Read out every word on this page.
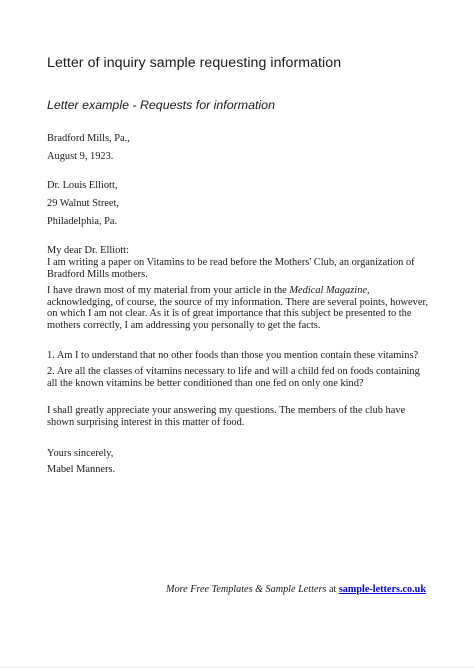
Letter of inquiry sample requesting information
Letter example - Requests for information
Bradford Mills, Pa.,
August 9, 1923.
Dr. Louis Elliott,
29 Walnut Street,
Philadelphia, Pa.
My dear Dr. Elliott:
I am writing a paper on Vitamins to be read before the Mothers' Club, an organization of Bradford Mills mothers.
I have drawn most of my material from your article in the Medical Magazine, acknowledging, of course, the source of my information. There are several points, however, on which I am not clear. As it is of great importance that this subject be presented to the mothers correctly, I am addressing you personally to get the facts.
1. Am I to understand that no other foods than those you mention contain these vitamins?
2. Are all the classes of vitamins necessary to life and will a child fed on foods containing all the known vitamins be better conditioned than one fed on only one kind?
I shall greatly appreciate your answering my questions. The members of the club have shown surprising interest in this matter of food.
Yours sincerely,
Mabel Manners.
More Free Templates & Sample Letters at sample-letters.co.uk
